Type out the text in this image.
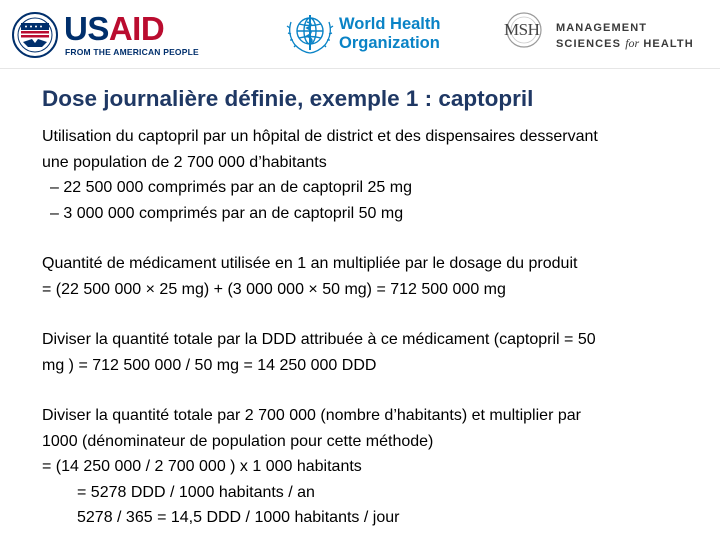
USAID
FROM THE AMERICAN PEOPLE
World Health
Organization
MSH MANAGEMENT
SCIENCES for HEALTH
Dose journalière définie, exemple 1 : captopril
Utilisation du captopril par un hôpital de district et des dispensaires desservant
une population de 2 700 000 d’habitants
– 22 500 000 comprimés par an de captopril 25 mg
– 3 000 000 comprimés par an de captopril 50 mg
Quantité de médicament utilisée en 1 an multipliée par le dosage du produit
= (22 500 000 × 25 mg) + (3 000 000 × 50 mg) = 712 500 000 mg
Diviser la quantité totale par la DDD attribuée à ce médicament (captopril = 50
mg ) = 712 500 000 / 50 mg = 14 250 000 DDD
Diviser la quantité totale par 2 700 000 (nombre d’habitants) et multiplier par
1000 (dénominateur de population pour cette méthode)
= (14 250 000 / 2 700 000 ) x 1 000 habitants
= 5278 DDD / 1000 habitants / an
5278 / 365 = 14,5 DDD / 1000 habitants / jour
